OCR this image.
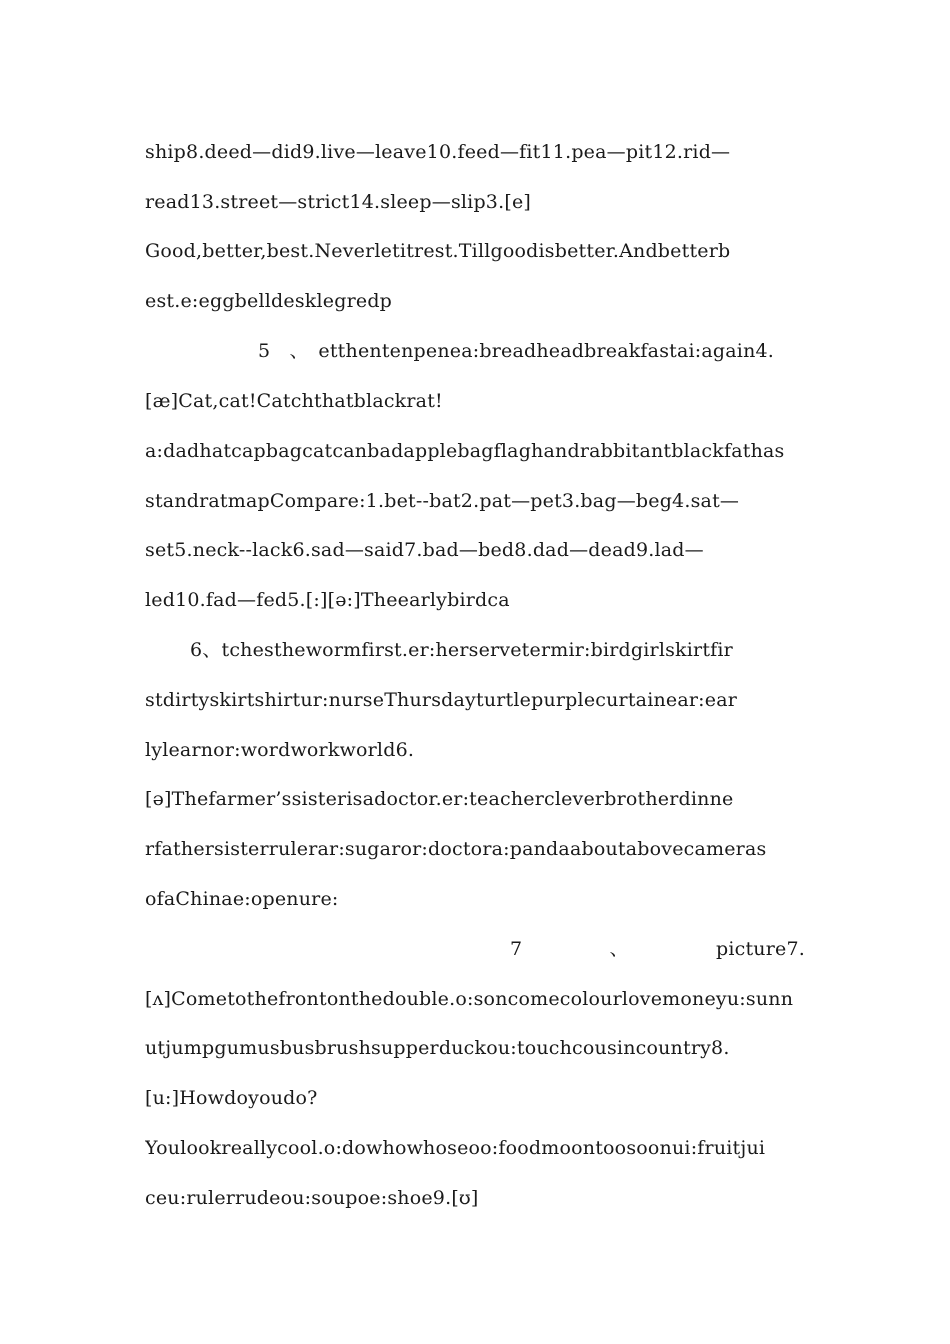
ship8.deed—did9.live—leave10.feed—fit11.pea—pit12.rid—
read13.street—strict14.sleep—slip3.[e]
Good,better,best.Neverletitrest.Tillgoodisbetter.Andbetterb
est.e:eggbelldesklegredp
5　、　etthentenpenea:breadheadbreakfastai:again4.
[æ]Cat,cat!Catchthatblackrat!
a:dadhatcapbagcatcanbadapplebagflaghandrabbitantblackfathas
standratmapCompare:1.bet--bat2.pat—pet3.bag—beg4.sat—
set5.neck--lack6.sad—said7.bad—bed8.dad—dead9.lad—
led10.fad—fed5.[:][ə:]Theearlybirdca
6、tchesthewormfirst.er:herservetermir:birdgirlskirtfir
stdirtyskirtshirtur:nurseThursdayturtlepurplecurtainear:ear
lylearnor:wordworkworld6.
[ə]Thefarmer’ssisterisadoctor.er:teachercleverbrotherdinne
rfathersisterrulerar:sugaror:doctora:pandaaboutabovecameras
ofaChinae:openure:
7	、	picture7.
[ʌ]Cometothefrontonthedouble.o:soncomecolourlovemoneyu:sunn
utjumpgumusbusbrushsupperduckou:touchcousincountry8.
[u:]Howdoyoudo?
Youlookreallycool.o:dowhowhoseoo:foodmoontoosoonui:fruitjui
ceu:rulerrudeou:soupoe:shoe9.[ʊ]
